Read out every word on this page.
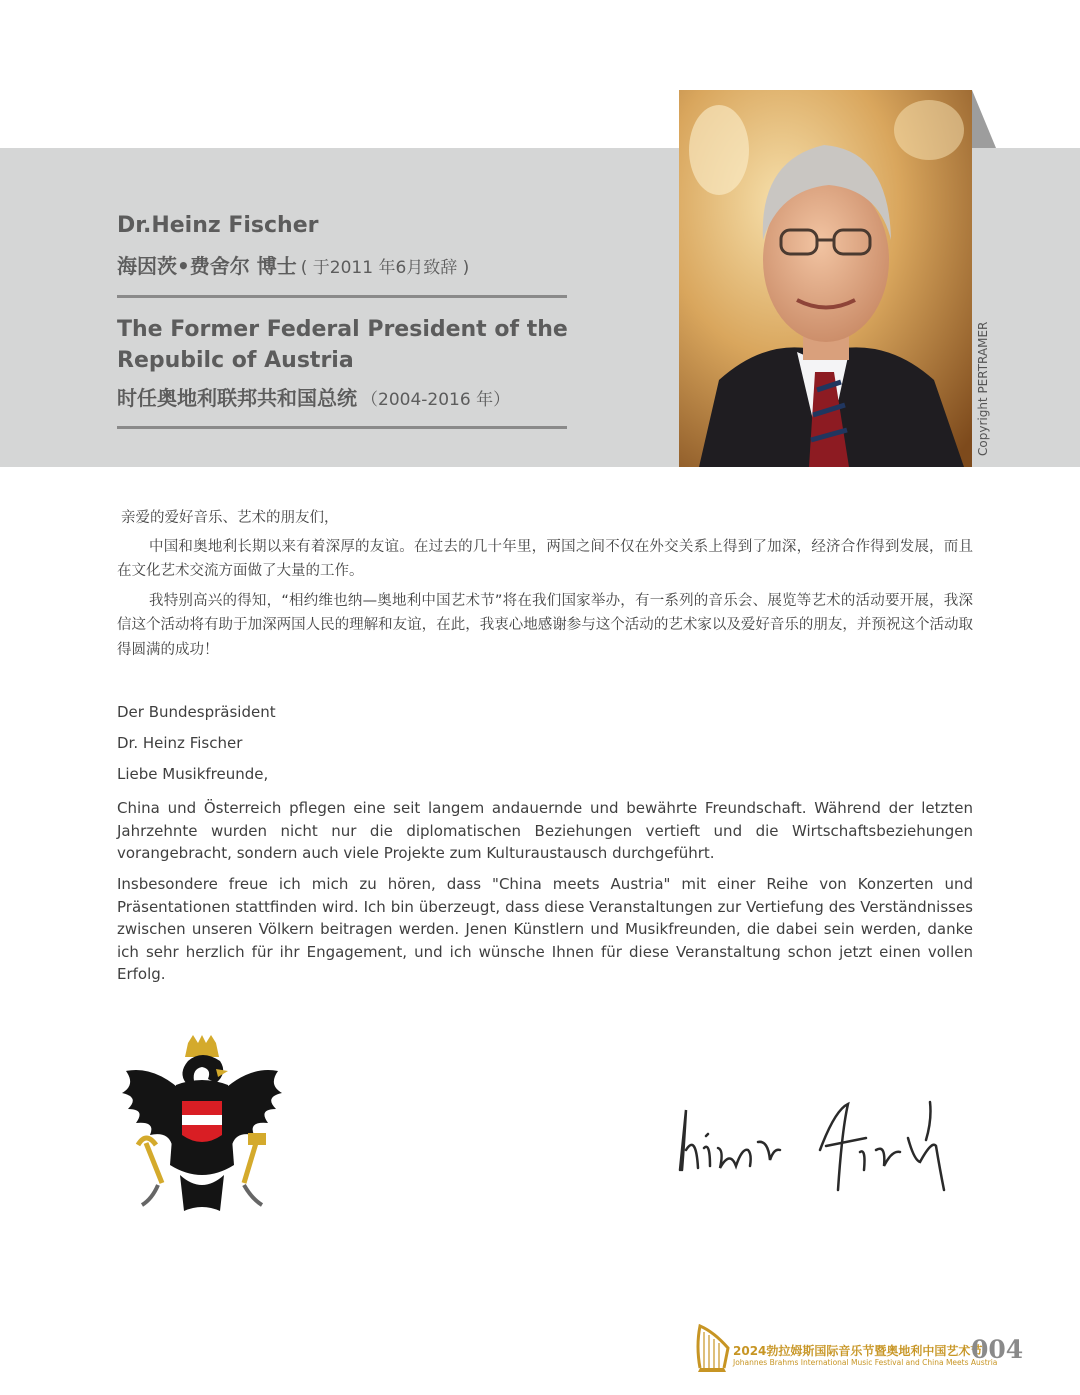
Dr.Heinz Fischer
海因茨•费舍尔 博士 ( 于2011 年6月致辞 )
The Former Federal President of the
Repubilc of Austria
时任奥地利联邦共和国总统 （2004-2016 年）	Copyright PERTRAMER

亲爱的爱好音乐、艺术的朋友们，

中国和奥地利长期以来有着深厚的友谊。在过去的几十年里，两国之间不仅在外交关系上得到了加深，经济合作得到发展，而且在文化艺术交流方面做了大量的工作。

我特别高兴的得知，“相约维也纳—奥地利中国艺术节”将在我们国家举办，有一系列的音乐会、展览等艺术的活动要开展，我深信这个活动将有助于加深两国人民的理解和友谊，在此，我衷心地感谢参与这个活动的艺术家以及爱好音乐的朋友，并预祝这个活动取得圆满的成功！

Der Bundespräsident
Dr. Heinz Fischer
Liebe Musikfreunde,
China und Österreich pflegen eine seit langem andauernde und bewährte Freundschaft. Während der letzten Jahrzehnte wurden nicht nur die diplomatischen Beziehungen vertieft und die Wirtschaftsbeziehungen vorangebracht, sondern auch viele Projekte zum Kulturaustausch durchgeführt.
Insbesondere freue ich mich zu hören, dass "China meets Austria" mit einer Reihe von Konzerten und Präsentationen stattfinden wird. Ich bin überzeugt, dass diese Veranstaltungen zur Vertiefung des Verständnisses zwischen unseren Völkern beitragen werden. Jenen Künstlern und Musikfreunden, die dabei sein werden, danke ich sehr herzlich für ihr Engagement, und ich wünsche Ihnen für diese Veranstaltung schon jetzt einen vollen Erfolg.
2024勃拉姆斯国际音乐节暨奥地利中国艺术节
Johannes Brahms International Music Festival and China Meets Austria
004
